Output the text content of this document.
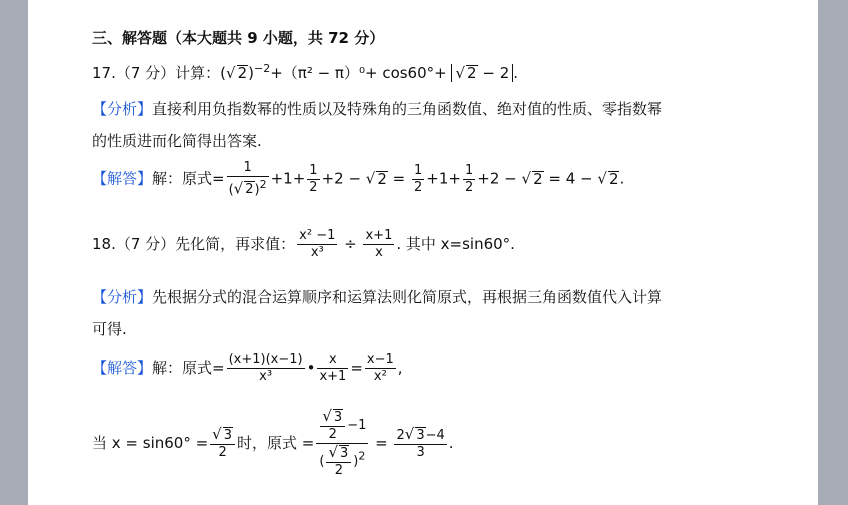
三、解答题（本大题共 9 小题，共 72 分）
17.（7 分）计算：(√ 2)$^{-2}$+（π² − π）⁰+ cos60°+ √ 2 − 2 .
【分析】直接利用负指数幂的性质以及特殊角的三角函数值、绝对值的性质、零指数幂
的性质进而化简得出答案.
【解答】解：原式= $\frac{1}{(√ 2)^2} +1+ \frac{1}{2} +2$ − √ $2 = \frac{1}{2} +1+ \frac{1}{2} +2$ − √ 2 = 4 − √ 2.
18.（7 分）先化简，再求值： $\frac{\text{x² −1}}{\text{x³}} \div \frac{x+1}{x}$ . 其中 x=sin60°.
【分析】先根据分式的混合运算顺序和运算法则化简原式，再根据三角函数值代入计算
可得.
【解答】解：原式= $\frac{(x+1)(x-1)}{\text{x³}}$ • $\frac{x}{x+1} = \frac{x-1}{\text{x²}}$ ,
当 $x = \sin 60^\circ = \frac{√ 3}{2}$ 时，原式 = $\frac{\frac{√ 3}{2} -1}{( \frac{√ 3}{2} )^2} = \frac{2√ 3-4}{3}$ .
